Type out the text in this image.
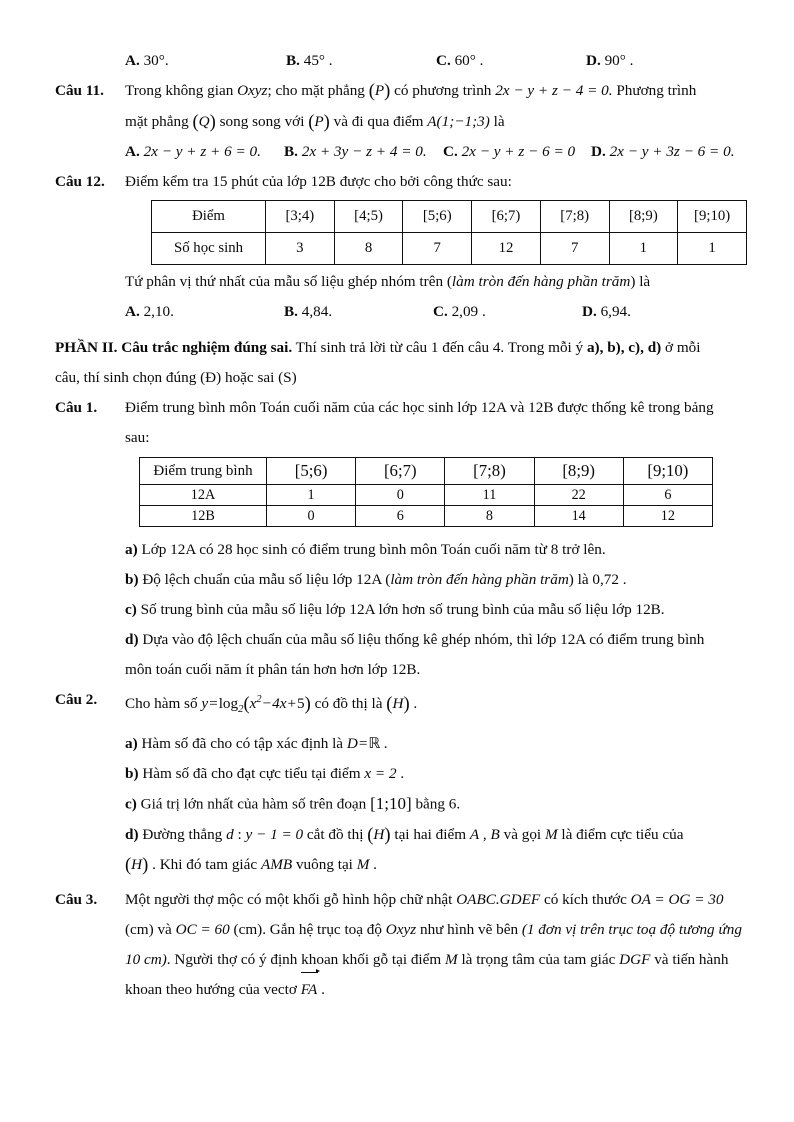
A. 30°.	B. 45° .	C. 60° .	D. 90° .
Câu 11. Trong không gian Oxyz; cho mặt phẳng (P) có phương trình 2x − y + z − 4 = 0. Phương trình
mặt phẳng (Q) song song với (P) và đi qua điểm A(1;−1;3) là
A. 2x − y + z + 6 = 0. B. 2x + 3y − z + 4 = 0. C. 2x − y + z − 6 = 0 D. 2x − y + 3z − 6 = 0.
Câu 12. Điểm kểm tra 15 phút của lớp 12B được cho bởi công thức sau:
Điểm	[3;4)	[4;5)	[5;6)	[6;7)	[7;8)	[8;9)	[9;10)
Số học sinh	3	8	7	12	7	1	1
Tứ phân vị thứ nhất của mẫu số liệu ghép nhóm trên (làm tròn đến hàng phần trăm) là
A. 2,10.	B. 4,84.	C. 2,09 .	D. 6,94.
PHẦN II. Câu trắc nghiệm đúng sai. Thí sinh trả lời từ câu 1 đến câu 4. Trong mỗi ý a), b), c), d) ở mỗi
câu, thí sinh chọn đúng (Đ) hoặc sai (S)
Câu 1. Điểm trung bình môn Toán cuối năm của các học sinh lớp 12A và 12B được thống kê trong bảng
sau:
Điểm trung bình	[5;6)	[6;7)	[7;8)	[8;9)	[9;10)
12A	1	0	11	22	6
12B	0	6	8	14	12
a) Lớp 12A có 28 học sinh có điểm trung bình môn Toán cuối năm từ 8 trở lên.
b) Độ lệch chuẩn của mẫu số liệu lớp 12A (làm tròn đến hàng phần trăm) là 0,72 .
c) Số trung bình của mẫu số liệu lớp 12A lớn hơn số trung bình của mẫu số liệu lớp 12B.
d) Dựa vào độ lệch chuẩn của mẫu số liệu thống kê ghép nhóm, thì lớp 12A có điểm trung bình
môn toán cuối năm ít phân tán hơn hơn lớp 12B.
Câu 2. Cho hàm số $y=\log_2(x^2-4x+5)$ có đồ thị là (H) .
a) Hàm số đã cho có tập xác định là D=ℝ .
b) Hàm số đã cho đạt cực tiểu tại điểm x = 2 .
c) Giá trị lớn nhất của hàm số trên đoạn [1;10] bằng 6.
d) Đường thẳng d : y − 1 = 0 cắt đồ thị (H) tại hai điểm A , B và gọi M là điểm cực tiểu của
(H) . Khi đó tam giác AMB vuông tại M .
Câu 3. Một người thợ mộc có một khối gỗ hình hộp chữ nhật OABC.GDEF có kích thước OA = OG = 30
(cm) và OC = 60 (cm). Gắn hệ trục toạ độ Oxyz như hình vẽ bên (1 đơn vị trên trục toạ độ tương ứng
10 cm). Người thợ có ý định khoan khối gỗ tại điểm M là trọng tâm của tam giác DGF và tiến hành
khoan theo hướng của vectơ FA
.
